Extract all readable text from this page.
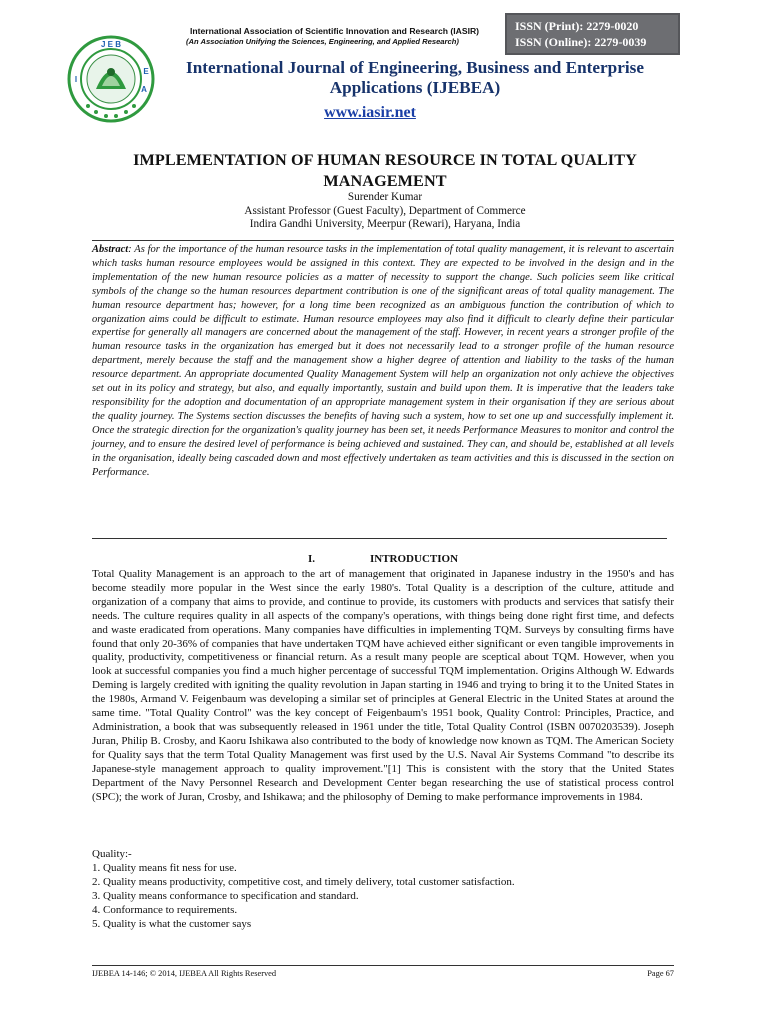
J E B
I
E
A
International Association of Scientific Innovation and Research (IASIR)
(An Association Unifying the Sciences, Engineering, and Applied Research)
ISSN (Print): 2279-0020
ISSN (Online): 2279-0039
International Journal of Engineering, Business and Enterprise Applications (IJEBEA)
www.iasir.net
IMPLEMENTATION OF HUMAN RESOURCE IN TOTAL QUALITY MANAGEMENT
Surender Kumar
Assistant Professor (Guest Faculty), Department of Commerce
Indira Gandhi University, Meerpur (Rewari), Haryana, India
Abstract: As for the importance of the human resource tasks in the implementation of total quality management, it is relevant to ascertain which tasks human resource employees would be assigned in this context. They are expected to be involved in the design and in the implementation of the new human resource policies as a matter of necessity to support the change. Such policies seem like critical symbols of the change so the human resources department contribution is one of the significant areas of total quality management. The human resource department has; however, for a long time been recognized as an ambiguous function the contribution of which to organization aims could be difficult to estimate. Human resource employees may also find it difficult to clearly define their particular expertise for generally all managers are concerned about the management of the staff. However, in recent years a stronger profile of the human resource tasks in the organization has emerged but it does not necessarily lead to a stronger profile of the human resource department, merely because the staff and the management show a higher degree of attention and liability to the tasks of the human resource department. An appropriate documented Quality Management System will help an organization not only achieve the objectives set out in its policy and strategy, but also, and equally importantly, sustain and build upon them. It is imperative that the leaders take responsibility for the adoption and documentation of an appropriate management system in their organisation if they are serious about the quality journey. The Systems section discusses the benefits of having such a system, how to set one up and successfully implement it. Once the strategic direction for the organization's quality journey has been set, it needs Performance Measures to monitor and control the journey, and to ensure the desired level of performance is being achieved and sustained. They can, and should be, established at all levels in the organisation, ideally being cascaded down and most effectively undertaken as team activities and this is discussed in the section on Performance.
I.	INTRODUCTION
Total Quality Management is an approach to the art of management that originated in Japanese industry in the 1950's and has become steadily more popular in the West since the early 1980's. Total Quality is a description of the culture, attitude and organization of a company that aims to provide, and continue to provide, its customers with products and services that satisfy their needs. The culture requires quality in all aspects of the company's operations, with things being done right first time, and defects and waste eradicated from operations. Many companies have difficulties in implementing TQM. Surveys by consulting firms have found that only 20-36% of companies that have undertaken TQM have achieved either significant or even tangible improvements in quality, productivity, competitiveness or financial return. As a result many people are sceptical about TQM. However, when you look at successful companies you find a much higher percentage of successful TQM implementation. Origins Although W. Edwards Deming is largely credited with igniting the quality revolution in Japan starting in 1946 and trying to bring it to the United States in the 1980s, Armand V. Feigenbaum was developing a similar set of principles at General Electric in the United States at around the same time. "Total Quality Control" was the key concept of Feigenbaum's 1951 book, Quality Control: Principles, Practice, and Administration, a book that was subsequently released in 1961 under the title, Total Quality Control (ISBN 0070203539). Joseph Juran, Philip B. Crosby, and Kaoru Ishikawa also contributed to the body of knowledge now known as TQM. The American Society for Quality says that the term Total Quality Management was first used by the U.S. Naval Air Systems Command "to describe its Japanese-style management approach to quality improvement."[1] This is consistent with the story that the United States Department of the Navy Personnel Research and Development Center began researching the use of statistical process control (SPC); the work of Juran, Crosby, and Ishikawa; and the philosophy of Deming to make performance improvements in 1984.
Quality:-
1. Quality means fit ness for use.
2. Quality means productivity, competitive cost, and timely delivery, total customer satisfaction.
3. Quality means conformance to specification and standard.
4. Conformance to requirements.
5. Quality is what the customer says
IJEBEA 14-146; © 2014, IJEBEA All Rights Reserved	Page 67
